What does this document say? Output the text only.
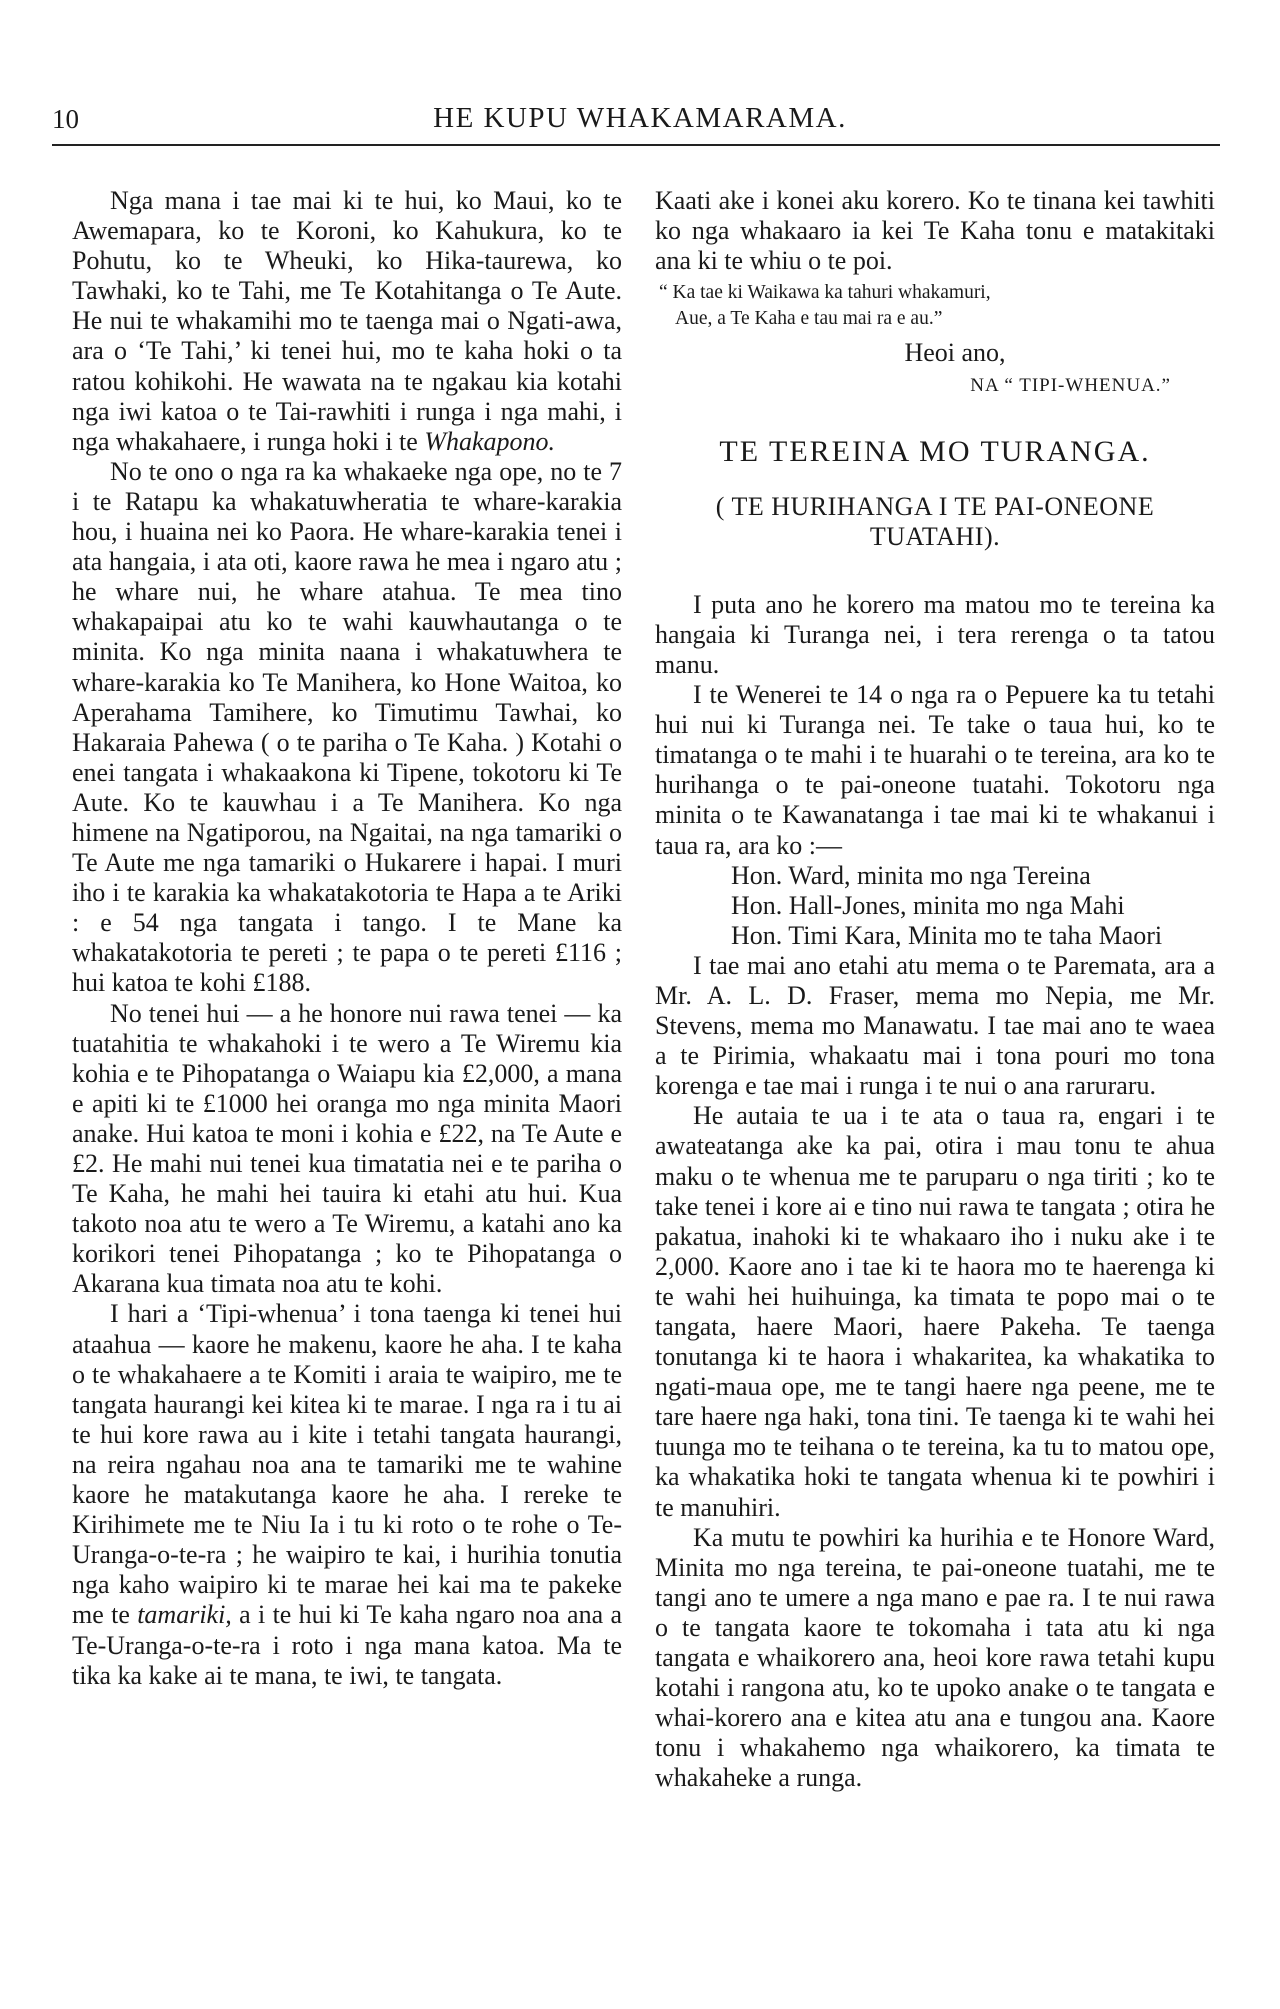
10	HE KUPU WHAKAMARAMA.

Nga mana i tae mai ki te hui, ko Maui, ko te Awemapara, ko te Koroni, ko Kahukura, ko te Pohutu, ko te Wheuki, ko Hika-taurewa, ko Tawhaki, ko te Tahi, me Te Kotahitanga o Te Aute. He nui te whakamihi mo te taenga mai o Ngati-awa, ara o ‘Te Tahi,’ ki tenei hui, mo te kaha hoki o ta ratou kohikohi. He wawata na te ngakau kia kotahi nga iwi katoa o te Tai-rawhiti i runga i nga mahi, i nga whakahaere, i runga hoki i te Whakapono.

No te ono o nga ra ka whakaeke nga ope, no te 7 i te Ratapu ka whakatuwheratia te whare-karakia hou, i huaina nei ko Paora. He whare-karakia tenei i ata hangaia, i ata oti, kaore rawa he mea i ngaro atu ; he whare nui, he whare atahua. Te mea tino whakapaipai atu ko te wahi kauwhautanga o te minita. Ko nga minita naana i whakatuwhera te whare-karakia ko Te Manihera, ko Hone Waitoa, ko Aperahama Tamihere, ko Timutimu Tawhai, ko Hakaraia Pahewa ( o te pariha o Te Kaha. ) Kotahi o enei tangata i whakaakona ki Tipene, tokotoru ki Te Aute. Ko te kauwhau i a Te Manihera. Ko nga himene na Ngatiporou, na Ngaitai, na nga tamariki o Te Aute me nga tamariki o Hukarere i hapai. I muri iho i te karakia ka whakatakotoria te Hapa a te Ariki : e 54 nga tangata i tango. I te Mane ka whakatakotoria te pereti ; te papa o te pereti £116 ; hui katoa te kohi £188.

No tenei hui — a he honore nui rawa tenei — ka tuatahitia te whakahoki i te wero a Te Wiremu kia kohia e te Pihopatanga o Waiapu kia £2,000, a mana e apiti ki te £1000 hei oranga mo nga minita Maori anake. Hui katoa te moni i kohia e £22, na Te Aute e £2. He mahi nui tenei kua timatatia nei e te pariha o Te Kaha, he mahi hei tauira ki etahi atu hui. Kua takoto noa atu te wero a Te Wiremu, a katahi ano ka korikori tenei Pihopatanga ; ko te Pihopatanga o Akarana kua timata noa atu te kohi.

I hari a ‘Tipi-whenua’ i tona taenga ki tenei hui ataahua — kaore he makenu, kaore he aha. I te kaha o te whakahaere a te Komiti i araia te waipiro, me te tangata haurangi kei kitea ki te marae. I nga ra i tu ai te hui kore rawa au i kite i tetahi tangata haurangi, na reira ngahau noa ana te tamariki me te wahine kaore he matakutanga kaore he aha. I rereke te Kirihimete me te Niu Ia i tu ki roto o te rohe o Te-Uranga-o-te-ra ; he waipiro te kai, i hurihia tonutia nga kaho waipiro ki te marae hei kai ma te pakeke me te tamariki, a i te hui ki Te kaha ngaro noa ana a Te-Uranga-o-te-ra i roto i nga mana katoa. Ma te tika ka kake ai te mana, te iwi, te tangata.

Kaati ake i konei aku korero. Ko te tinana kei tawhiti ko nga whakaaro ia kei Te Kaha tonu e matakitaki ana ki te whiu o te poi.

“ Ka tae ki Waikawa ka tahuri whakamuri,
Aue, a Te Kaha e tau mai ra e au.”
Heoi ano,
NA “ TIPI-WHENUA.”
TE TEREINA MO TURANGA.
( TE HURIHANGA I TE PAI-ONEONE TUATAHI).

I puta ano he korero ma matou mo te tereina ka hangaia ki Turanga nei, i tera rerenga o ta tatou manu.

I te Wenerei te 14 o nga ra o Pepuere ka tu tetahi hui nui ki Turanga nei. Te take o taua hui, ko te timatanga o te mahi i te huarahi o te tereina, ara ko te hurihanga o te pai-oneone tuatahi. Tokotoru nga minita o te Kawanatanga i tae mai ki te whakanui i taua ra, ara ko :—

Hon. Ward, minita mo nga Tereina

Hon. Hall-Jones, minita mo nga Mahi

Hon. Timi Kara, Minita mo te taha Maori

I tae mai ano etahi atu mema o te Paremata, ara a Mr. A. L. D. Fraser, mema mo Nepia, me Mr. Stevens, mema mo Manawatu. I tae mai ano te waea a te Pirimia, whakaatu mai i tona pouri mo tona korenga e tae mai i runga i te nui o ana raruraru.

He autaia te ua i te ata o taua ra, engari i te awateatanga ake ka pai, otira i mau tonu te ahua maku o te whenua me te paruparu o nga tiriti ; ko te take tenei i kore ai e tino nui rawa te tangata ; otira he pakatua, inahoki ki te whakaaro iho i nuku ake i te 2,000. Kaore ano i tae ki te haora mo te haerenga ki te wahi hei huihuinga, ka timata te popo mai o te tangata, haere Maori, haere Pakeha. Te taenga tonutanga ki te haora i whakaritea, ka whakatika to ngati-maua ope, me te tangi haere nga peene, me te tare haere nga haki, tona tini. Te taenga ki te wahi hei tuunga mo te teihana o te tereina, ka tu to matou ope, ka whakatika hoki te tangata whenua ki te powhiri i te manuhiri.

Ka mutu te powhiri ka hurihia e te Honore Ward, Minita mo nga tereina, te pai-oneone tuatahi, me te tangi ano te umere a nga mano e pae ra. I te nui rawa o te tangata kaore te tokomaha i tata atu ki nga tangata e whaikorero ana, heoi kore rawa tetahi kupu kotahi i rangona atu, ko te upoko anake o te tangata e whai-korero ana e kitea atu ana e tungou ana. Kaore tonu i whakahemo nga whaikorero, ka timata te whakaheke a runga.
